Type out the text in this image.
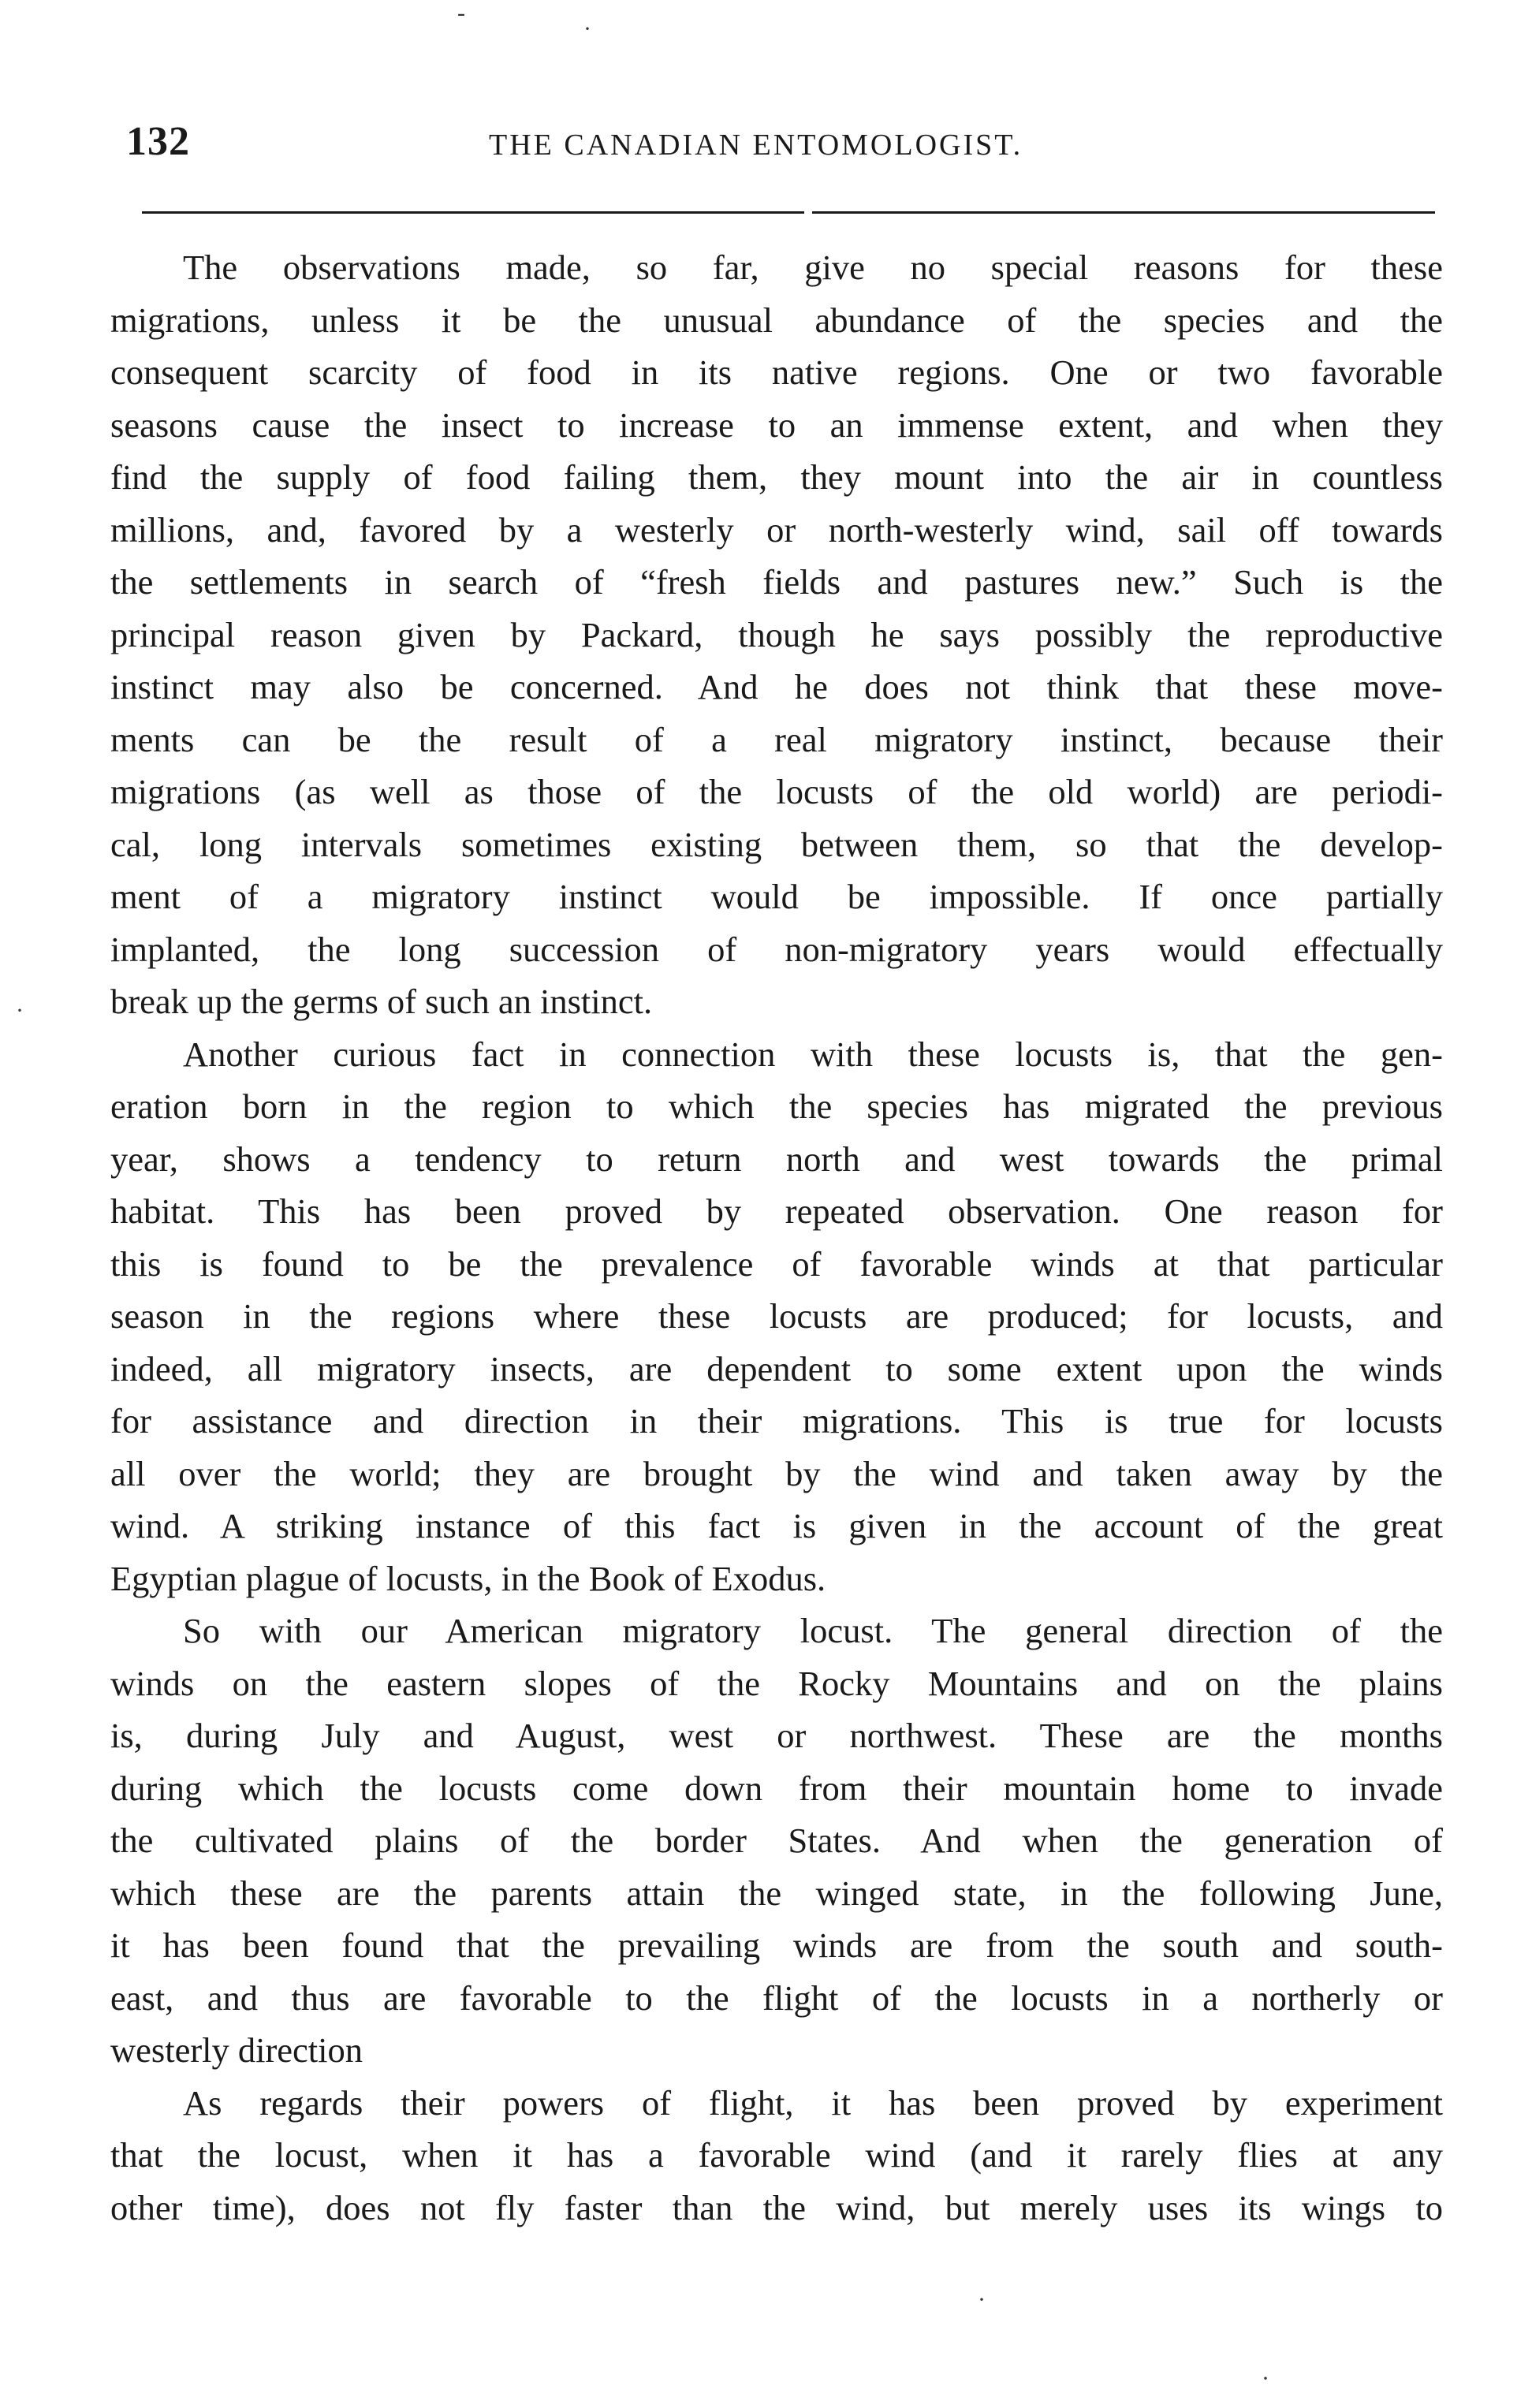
132	THE CANADIAN ENTOMOLOGIST.
The observations made, so far, give no special reasons for these
migrations, unless it be the unusual abundance of the species and the
consequent scarcity of food in its native regions. One or two favorable
seasons cause the insect to increase to an immense extent, and when they
find the supply of food failing them, they mount into the air in countless
millions, and, favored by a westerly or north-westerly wind, sail off towards
the settlements in search of “fresh fields and pastures new.” Such is the
principal reason given by Packard, though he says possibly the reproductive
instinct may also be concerned. And he does not think that these move-
ments can be the result of a real migratory instinct, because their
migrations (as well as those of the locusts of the old world) are periodi-
cal, long intervals sometimes existing between them, so that the develop-
ment of a migratory instinct would be impossible. If once partially
implanted, the long succession of non-migratory years would effectually
break up the germs of such an instinct.
Another curious fact in connection with these locusts is, that the gen-
eration born in the region to which the species has migrated the previous
year, shows a tendency to return north and west towards the primal
habitat. This has been proved by repeated observation. One reason for
this is found to be the prevalence of favorable winds at that particular
season in the regions where these locusts are produced; for locusts, and
indeed, all migratory insects, are dependent to some extent upon the winds
for assistance and direction in their migrations. This is true for locusts
all over the world; they are brought by the wind and taken away by the
wind. A striking instance of this fact is given in the account of the great
Egyptian plague of locusts, in the Book of Exodus.
So with our American migratory locust. The general direction of the
winds on the eastern slopes of the Rocky Mountains and on the plains
is, during July and August, west or northwest. These are the months
during which the locusts come down from their mountain home to invade
the cultivated plains of the border States. And when the generation of
which these are the parents attain the winged state, in the following June,
it has been found that the prevailing winds are from the south and south-
east, and thus are favorable to the flight of the locusts in a northerly or
westerly direction
As regards their powers of flight, it has been proved by experiment
that the locust, when it has a favorable wind (and it rarely flies at any
other time), does not fly faster than the wind, but merely uses its wings to
-
·
·
·
·
